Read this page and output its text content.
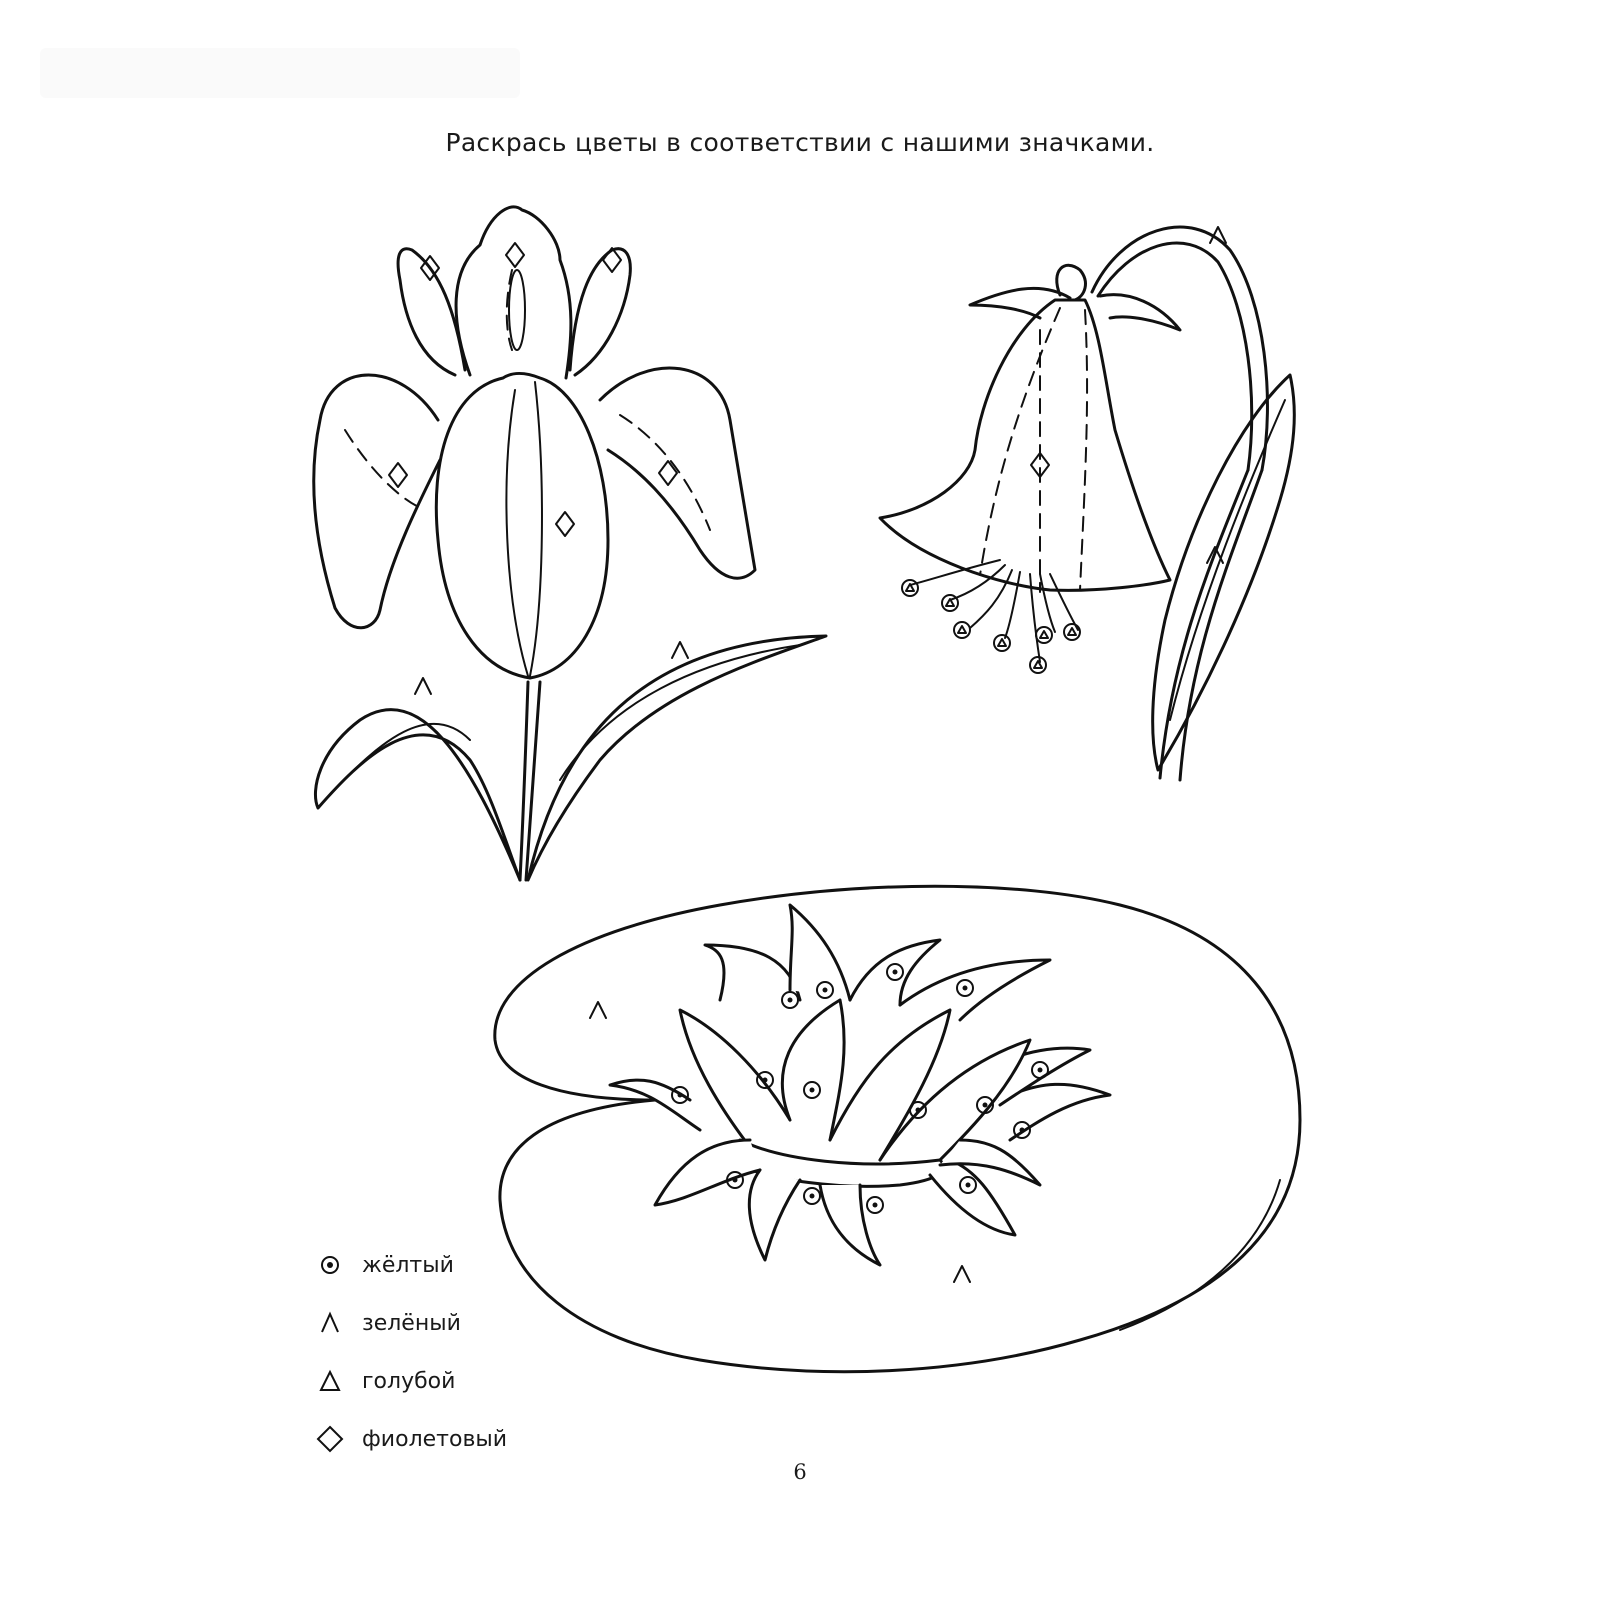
Раскрась цветы в соответствии с нашими значками.
жёлтый
зелёный
голубой
фиолетовый
6
